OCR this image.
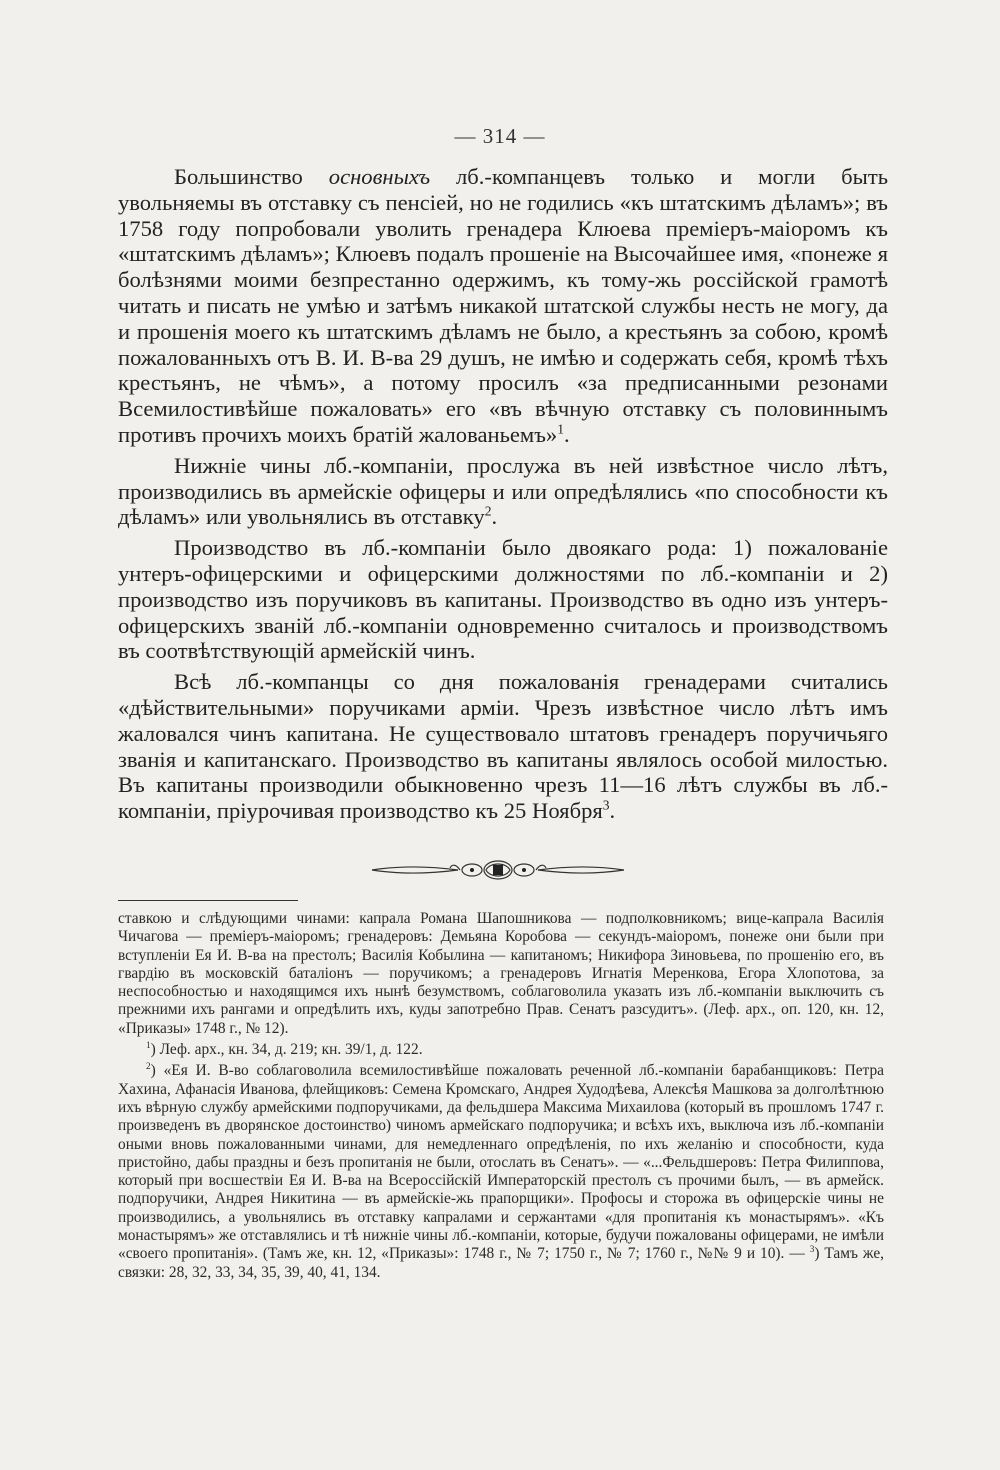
— 314 —

Большинство основныхъ лб.-компанцевъ только и могли быть увольняемы въ отставку съ пенсіей, но не годились «къ штатскимъ дѣламъ»; въ 1758 году попробовали уволить гренадера Клюева преміеръ-маіоромъ къ «штатскимъ дѣламъ»; Клюевъ подалъ прошеніе на Высочайшее имя, «понеже я болѣзнями моими безпрестанно одержимъ, къ тому-жь россійской грамотѣ читать и писать не умѣю и затѣмъ никакой штатской службы несть не могу, да и прошенія моего къ штатскимъ дѣламъ не было, а крестьянъ за собою, кромѣ пожалованныхъ отъ В. И. В-ва 29 душъ, не имѣю и содержать себя, кромѣ тѣхъ крестьянъ, не чѣмъ», а потому просилъ «за предписанными резонами Всемилостивѣйше пожаловать» его «въ вѣчную отставку съ половиннымъ противъ прочихъ моихъ братій жалованьемъ»$^1$.

Нижніе чины лб.-компаніи, прослужа въ ней извѣстное число лѣтъ, производились въ армейскіе офицеры и или опредѣлялись «по способности къ дѣламъ» или увольнялись въ отставку$^2$.

Производство въ лб.-компаніи было двоякаго рода: 1) пожалованіе унтеръ-офицерскими и офицерскими должностями по лб.-компаніи и 2) производство изъ поручиковъ въ капитаны. Производство въ одно изъ унтеръ-офицерскихъ званій лб.-компаніи одновременно считалось и производствомъ въ соотвѣтствующій армейскій чинъ.

Всѣ лб.-компанцы со дня пожалованія гренадерами считались «дѣйствительными» поручиками арміи. Чрезъ извѣстное число лѣтъ имъ жаловался чинъ капитана. Не существовало штатовъ гренадеръ поручичьяго званія и капитанскаго. Производство въ капитаны являлось особой милостью. Въ капитаны производили обыкновенно чрезъ 11—16 лѣтъ службы въ лб.-компаніи, пріурочивая производство къ 25 Ноября$^3$.

ставкою и слѣдующими чинами: капрала Романа Шапошникова — подполковникомъ; вице-капрала Василія Чичагова — преміеръ-маіоромъ; гренадеровъ: Демьяна Коробова — секундъ-маіоромъ, понеже они были при вступленіи Ея И. В-ва на престолъ; Василія Кобылина — капитаномъ; Никифора Зиновьева, по прошенію его, въ гвардію въ московскій баталіонъ — поручикомъ; а гренадеровъ Игнатія Меренкова, Егора Хлопотова, за неспособностью и находящимся ихъ нынѣ безумствомъ, соблаговолила указать изъ лб.-компаніи выключить съ прежними ихъ рангами и опредѣлить ихъ, куды запотребно Прав. Сенатъ разсудитъ». (Леф. арх., оп. 120, кн. 12, «Приказы» 1748 г., № 12).

$^1$) Леф. арх., кн. 34, д. 219; кн. 39/1, д. 122.

$^2$) «Ея И. В-во соблаговолила всемилостивѣйше пожаловать реченной лб.-компаніи барабанщиковъ: Петра Хахина, Афанасія Иванова, флейщиковъ: Семена Кромскаго, Андрея Худодѣева, Алексѣя Машкова за долголѣтнюю ихъ вѣрную службу армейскими подпоручиками, да фельдшера Максима Михаилова (который въ прошломъ 1747 г. произведенъ въ дворянское достоинство) чиномъ армейскаго подпоручика; и всѣхъ ихъ, выключа изъ лб.-компаніи оными вновь пожалованными чинами, для немедленнаго опредѣленія, по ихъ желанію и способности, куда пристойно, дабы праздны и безъ пропитанія не были, отослать въ Сенатъ». — «...Фельдшеровъ: Петра Филиппова, который при восшествіи Ея И. В-ва на Всероссійскій Императорскій престолъ съ прочими былъ, — въ армейск. подпоручики, Андрея Никитина — въ армейскіе-жь прапорщики». Профосы и сторожа въ офицерскіе чины не производились, а увольнялись въ отставку капралами и сержантами «для пропитанія къ монастырямъ». «Къ монастырямъ» же отставлялись и тѣ нижніе чины лб.-компаніи, которые, будучи пожалованы офицерами, не имѣли «своего пропитанія». (Тамъ же, кн. 12, «Приказы»: 1748 г., № 7; 1750 г., № 7; 1760 г., №№ 9 и 10). — $^3$) Тамъ же, связки: 28, 32, 33, 34, 35, 39, 40, 41, 134.
